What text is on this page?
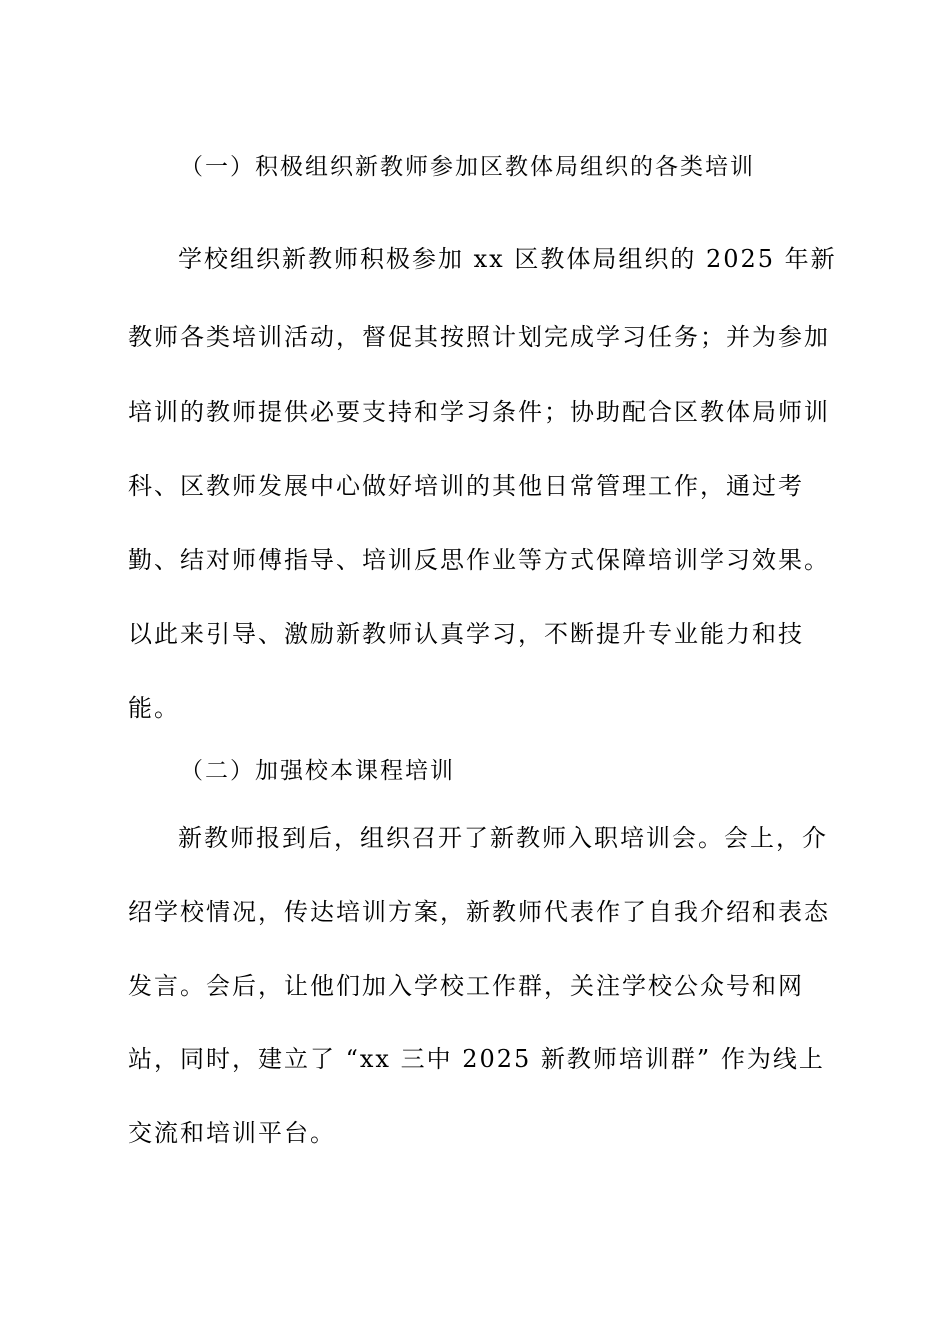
（一）积极组织新教师参加区教体局组织的各类培训

学校组织新教师积极参加 xx 区教体局组织的 2025 年新

教师各类培训活动，督促其按照计划完成学习任务；并为参加

培训的教师提供必要支持和学习条件；协助配合区教体局师训

科、区教师发展中心做好培训的其他日常管理工作，通过考

勤、结对师傅指导、培训反思作业等方式保障培训学习效果。

以此来引导、激励新教师认真学习，不断提升专业能力和技

能。

（二）加强校本课程培训

新教师报到后，组织召开了新教师入职培训会。会上，介

绍学校情况，传达培训方案，新教师代表作了自我介绍和表态

发言。会后，让他们加入学校工作群，关注学校公众号和网

站，同时，建立了 “xx 三中 2025 新教师培训群” 作为线上

交流和培训平台。
